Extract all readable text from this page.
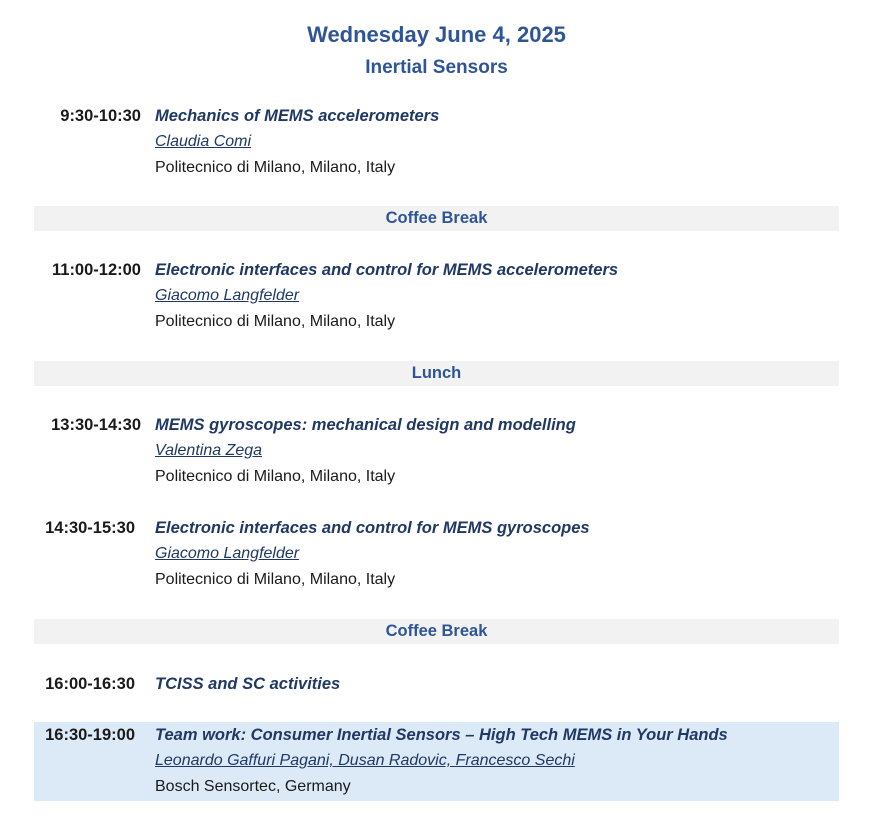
Wednesday June 4, 2025
Inertial Sensors
9:30-10:30 Mechanics of MEMS accelerometers
Claudia Comi
Politecnico di Milano, Milano, Italy
Coffee Break
11:00-12:00 Electronic interfaces and control for MEMS accelerometers
Giacomo Langfelder
Politecnico di Milano, Milano, Italy
Lunch
13:30-14:30 MEMS gyroscopes: mechanical design and modelling
Valentina Zega
Politecnico di Milano, Milano, Italy
14:30-15:30 Electronic interfaces and control for MEMS gyroscopes
Giacomo Langfelder
Politecnico di Milano, Milano, Italy
Coffee Break
16:00-16:30 TCISS and SC activities
16:30-19:00 Team work: Consumer Inertial Sensors – High Tech MEMS in Your Hands
Leonardo Gaffuri Pagani, Dusan Radovic, Francesco Sechi
Bosch Sensortec, Germany
